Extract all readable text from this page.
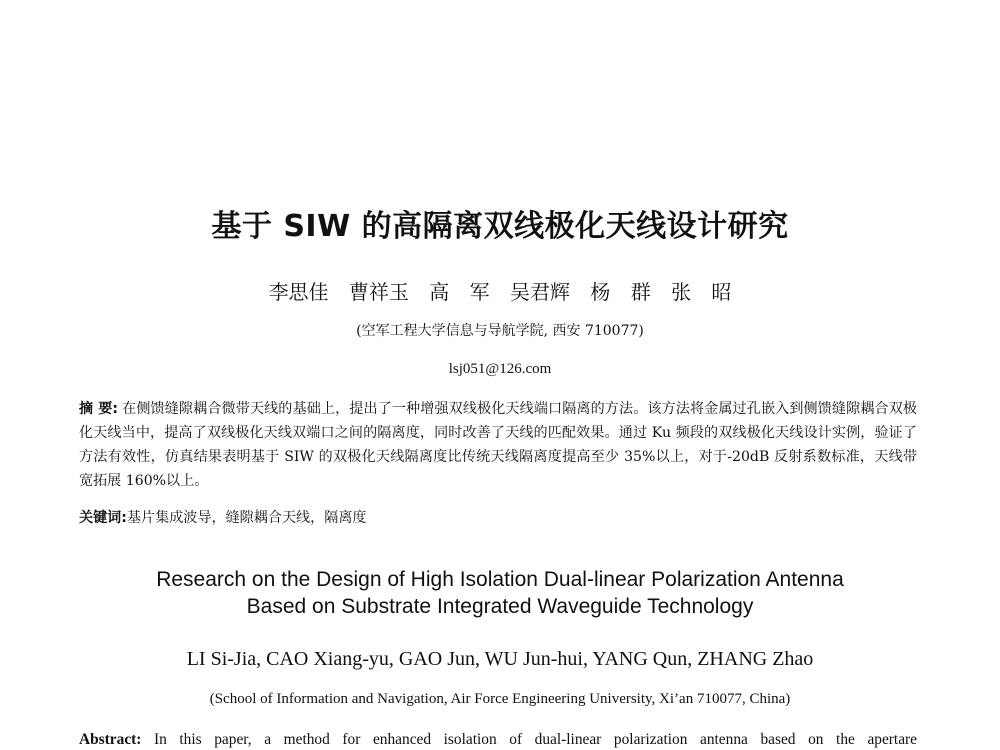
基于 SIW 的高隔离双线极化天线设计研究
李思佳 曹祥玉 高 军 吴君辉 杨 群 张 昭
(空军工程大学信息与导航学院, 西安 710077)
lsj051@126.com
摘 要: 在侧馈缝隙耦合微带天线的基础上，提出了一种增强双线极化天线端口隔离的方法。该方法将金属过孔嵌入到侧馈缝隙耦合双极化天线当中，提高了双线极化天线双端口之间的隔离度，同时改善了天线的匹配效果。通过 Ku 频段的双线极化天线设计实例，验证了方法有效性，仿真结果表明基于 SIW 的双极化天线隔离度比传统天线隔离度提高至少 35%以上，对于-20dB 反射系数标准，天线带宽拓展 160%以上。
关键词:基片集成波导，缝隙耦合天线，隔离度
Research on the Design of High Isolation Dual-linear Polarization Antenna
Based on Substrate Integrated Waveguide Technology
LI Si-Jia, CAO Xiang-yu, GAO Jun, WU Jun-hui, YANG Qun, ZHANG Zhao
(School of Information and Navigation, Air Force Engineering University, Xi’an 710077, China)
Abstract: In this paper, a method for enhanced isolation of dual-linear polarization antenna based on the apertare
